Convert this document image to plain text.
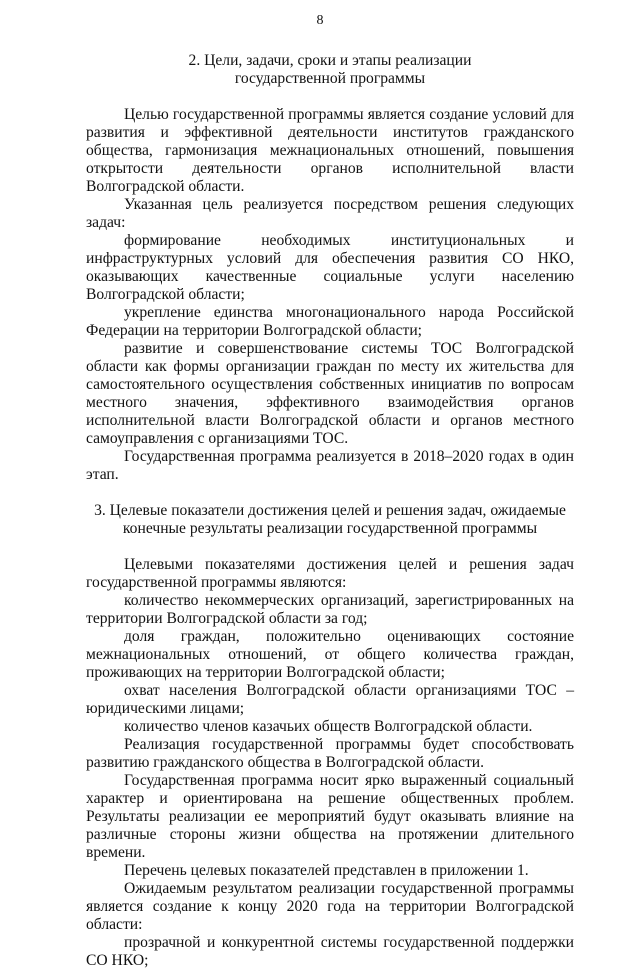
8
2. Цели, задачи, сроки и этапы реализации
государственной программы

Целью государственной программы является создание условий для развития и эффективной деятельности институтов гражданского общества, гармонизация межнациональных отношений, повышения открытости деятельности органов исполнительной власти Волгоградской области.

Указанная цель реализуется посредством решения следующих задач:

формирование необходимых институциональных и инфраструктурных условий для обеспечения развития СО НКО, оказывающих качественные социальные услуги населению Волгоградской области;

укрепление единства многонационального народа Российской Федерации на территории Волгоградской области;

развитие и совершенствование системы ТОС Волгоградской области как формы организации граждан по месту их жительства для самостоятельного осуществления собственных инициатив по вопросам местного значения, эффективного взаимодействия органов исполнительной власти Волгоградской области и органов местного самоуправления с организациями ТОС.

Государственная программа реализуется в 2018–2020 годах в один этап.

3. Целевые показатели достижения целей и решения задач, ожидаемые
конечные результаты реализации государственной программы

Целевыми показателями достижения целей и решения задач государственной программы являются:

количество некоммерческих организаций, зарегистрированных на территории Волгоградской области за год;

доля граждан, положительно оценивающих состояние межнациональных отношений, от общего количества граждан, проживающих на территории Волгоградской области;

охват населения Волгоградской области организациями ТОС – юридическими лицами;

количество членов казачьих обществ Волгоградской области.

Реализация государственной программы будет способствовать развитию гражданского общества в Волгоградской области.

Государственная программа носит ярко выраженный социальный характер и ориентирована на решение общественных проблем. Результаты реализации ее мероприятий будут оказывать влияние на различные стороны жизни общества на протяжении длительного времени.

Перечень целевых показателей представлен в приложении 1.

Ожидаемым результатом реализации государственной программы является создание к концу 2020 года на территории Волгоградской области:

прозрачной и конкурентной системы государственной поддержки СО НКО;
